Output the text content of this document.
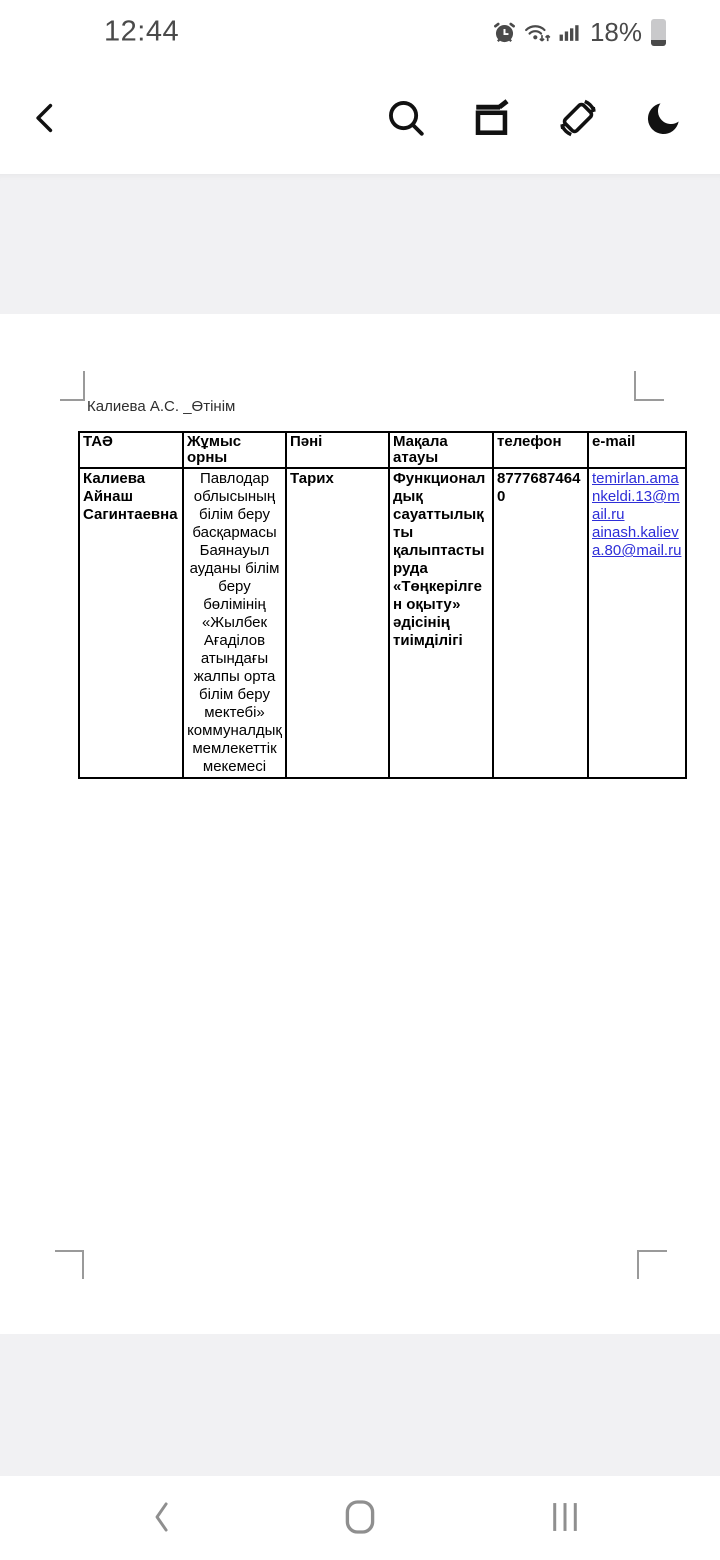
12:44	18%
Калиева А.С. _Өтінім
ТАӘ	Жұмыс орны	Пәні	Мақала атауы	телефон	e-mail
Калиева Айнаш Сагинтаевна	Павлодар облысының білім беру басқармасы Баянауыл ауданы білім беру бөлімінің «Жылбек Ағаділов атындағы жалпы орта білім беру мектебі» коммуналдық мемлекеттік мекемесі	Тарих	Функционалдық сауаттылықты қалыптастыруда «Төңкерілген оқыту» әдісінің тиімділігі	87776874640	temirlan.amankeldi.13@mail.ru
ainash.kalieva.80@mail.ru
